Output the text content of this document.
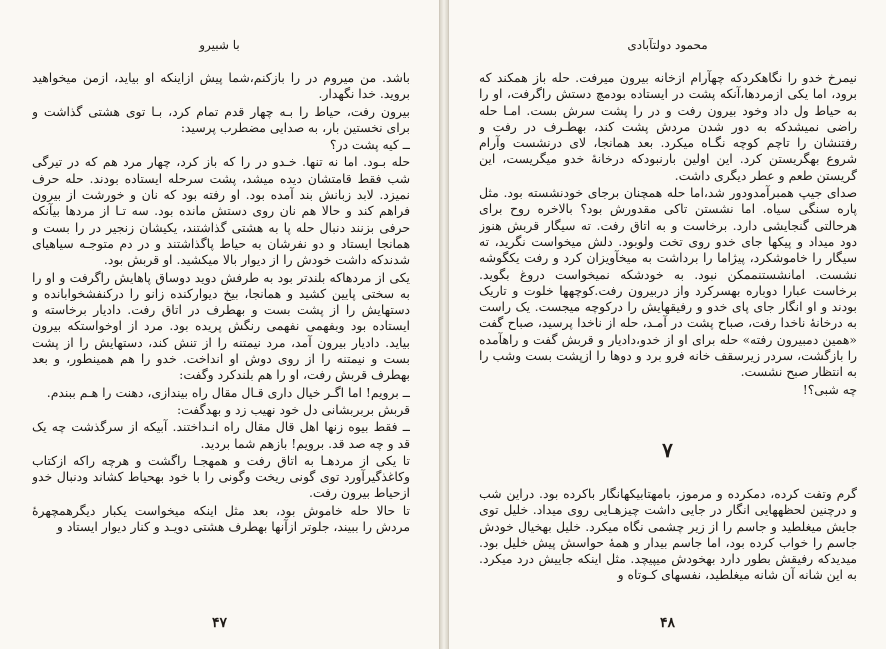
با شبیرو

باشد. من میروم در را بازکنم،شما پیش ازاینکه او بیاید، ازمن میخواهید بروید. خدا نگهدار.

بیرون رفت، حیاط را بـه چهار قدم تمام کرد، بـا توی هشتی گذاشت و برای نخستین بار، به صدایی مضطرب پرسید:

ــ کیه پشت در؟

حله بـود. اما نه تنها. خـدو در را که باز کرد، چهار مرد هم که در تیرگی شب فقط قامتشان دیده میشد، پشت سرحله ایستاده بودند. حله حرف نمیزد. لابد زبانش بند آمده بود. او رفته بود که نان و خورشت از بیرون فراهم کند و حالا هم نان روی دستش مانده بود. سه تـا از مردها بیآنکه حرفی بزنند دنبال حله پا به هشتی گذاشتند، یکیشان زنجیر در را بست و همانجا ایستاد و دو نفرشان به حیاط پاگذاشتند و در دم متوجـه سیاهیای شدندکه داشت خودش را از دیوار بالا میکشید. او قربش بود.

یکی از مردهاکه بلندتر بود به طرفش دوید دوساق پاهایش راگرفت و او را به سختی پایین کشید و همانجا، بیخ دیوارکنده زانو را درکنفشخوابانده و دستهایش را از پشت بست و بهطرف در اتاق رفت. دادیار برخاسته و ایستاده بود وبفهمی نفهمی رنگش پریده بود. مرد از اوخواستکه بیرون بیاید. دادیار بیرون آمد، مرد نیمتنه را از تنش کند، دستهایش را از پشت بست و نیمتنه را از روی دوش او انداخت. خدو را هم همینطور، و بعد بهطرف قربش رفت، او را هم بلندکرد وگفت:

ــ برویم! اما اگـر خیال داری قـال مقال راه بیندازی، دهنت را هـم ببندم.

قربش بربربشانی دل خود نهیب زد و بهدگفت:

ــ فقط بیوه زنها اهل قال مقال راه انـداختند. آبیکه از سرگذشت چه یک قد و چه صد قد. برویم! بازهم شما بردید.

تا یکی از مردهـا به اتاق رفت و همهجـا راگشت و هرچه راکه ازکتاب وکاغذگیرآورد توی گونی ریخت وگونی را با خود بهحیاط کشاند ودنبال خدو ازحیاط بیرون رفت.

تا حالا حله خاموش بود، بعد مثل اینکه میخواست یکبار دیگرهمچهرۀ مردش را ببیند، جلوتر ازآنها بهطرف هشتی دویـد و کنار دیوار ایستاد و

۴۷
محمود دولتآبادی

نیمرخ خدو را نگاهکردکه چهآرام ازخانه بیرون میرفت. حله باز همکند که برود، اما یکی ازمردها،آنکه پشت در ایستاده بودمچ دستش راگرفت، او را به حیاط ول داد وخود بیرون رفت و در را پشت سرش بست. امـا حله راضی نمیشدکه به دور شدن مردش پشت کند، بهطـرف در رفت و رفتنشان را تاچم کوچه نگـاه میکرد. بعد همانجا، لای درنشست وآرام شروع بهگریستن کرد. این اولین بارنبودکه درخانۀ خدو میگریست، این گریستن طعم و عطر دیگری داشت.

صدای جیپ همبرآمدودور شد،اما حله همچنان برجای خودنشسته بود. مثل پاره سنگی سیاه. اما نشستن تاکی مقدورش بود؟ بالاخره روح برای هرحالتی گنجایشی دارد. برخاست و به اتاق رفت. ته سیگار قربش هنوز دود میداد و پیکها جای خدو روی تخت ولوبود. دلش میخواست نگرید، ته سیگار را خاموشکرد، پیژاما را برداشت به میخآویزان کرد و رفت یکگوشه نشست. امانشستنممکن نبود. به خودشکه نمیخواست دروغ بگوید. برخاست عبارا دوباره بهسرکرد واز دربیرون رفت.کوچهها خلوت و تاریک بودند و او انگار جای پای خدو و رفیقهایش را درکوچه میجست. یک راست به درخانۀ ناخدا رفت، صباح پشت در آمـد، حله از ناخدا پرسید، صباح گفت «همین دمبیرون رفته» حله برای او از خدو،دادیار و قربش گفت و راهآمده را بازگشت، سردر زیرسقف خانه فرو برد و دوها را ازپشت بست وشب را به انتظار صبح نشست.

چه شبی؟!

۷

گرم وتفت کرده، دمکرده و مرموز، بامهتابیکهانگار باکرده بود. دراین شب و درچنین لحظههایی انگار در جایی داشت چیزهـایی روی میداد. خلیل توی جایش میغلطید و جاسم را از زیر چشمی نگاه میکرد. خلیل بهخیال خودش جاسم را خواب کرده بود، اما جاسم بیدار و همۀ حواسش پیش خلیل بود. میدیدکه رفیقش بطور دارد بهخودش میپیچد. مثل اینکه جاییش درد میکرد. به این شانه آن شانه میغلطید، نفسهای کـوتاه و

۴۸
